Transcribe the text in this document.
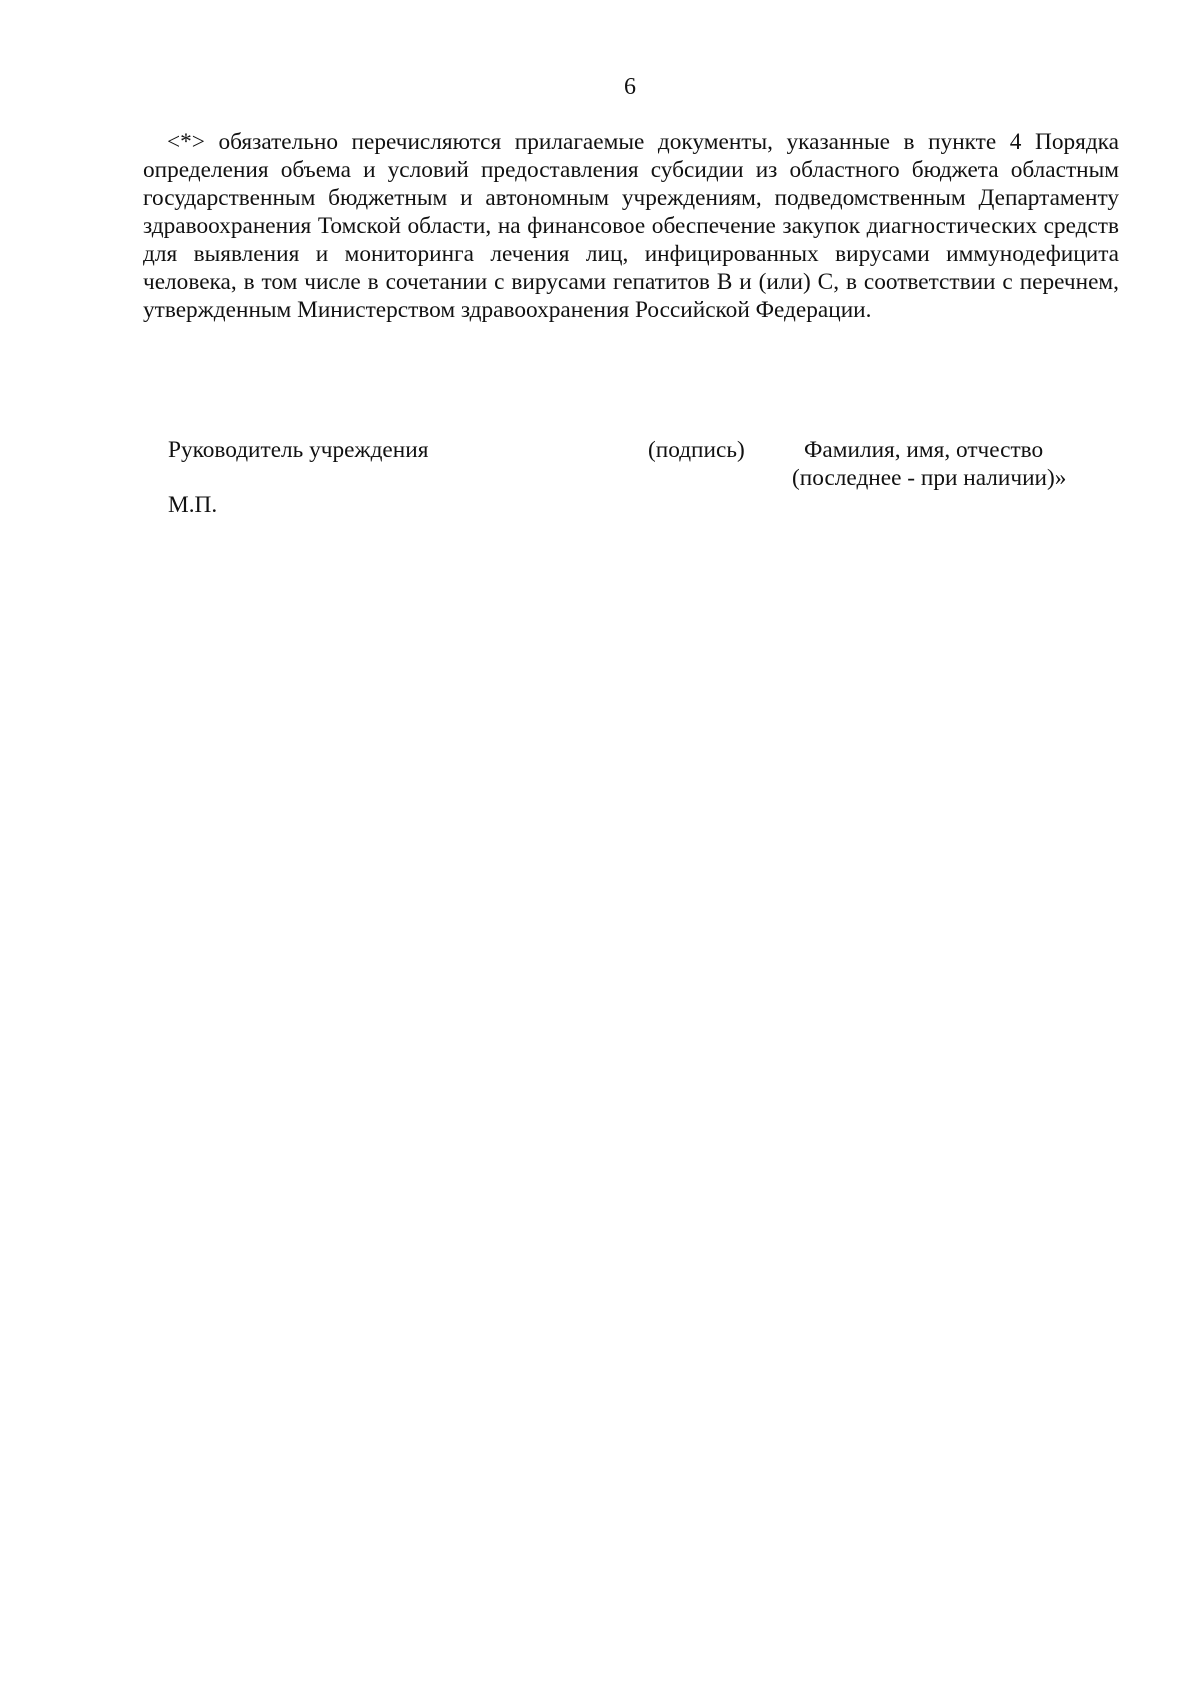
6

<*> обязательно перечисляются прилагаемые документы, указанные в пункте 4 Порядка определения объема и условий предоставления субсидии из областного бюджета областным государственным бюджетным и автономным учреждениям, подведомственным Департаменту здравоохранения Томской области, на финансовое обеспечение закупок диагностических средств для выявления и мониторинга лечения лиц, инфицированных вирусами иммунодефицита человека, в том числе в сочетании с вирусами гепатитов B и (или) C, в соответствии с перечнем, утвержденным Министерством здравоохранения Российской Федерации.

Руководитель учреждения	(подпись)	Фамилия, имя, отчество
(последнее - при наличии)»
М.П.
